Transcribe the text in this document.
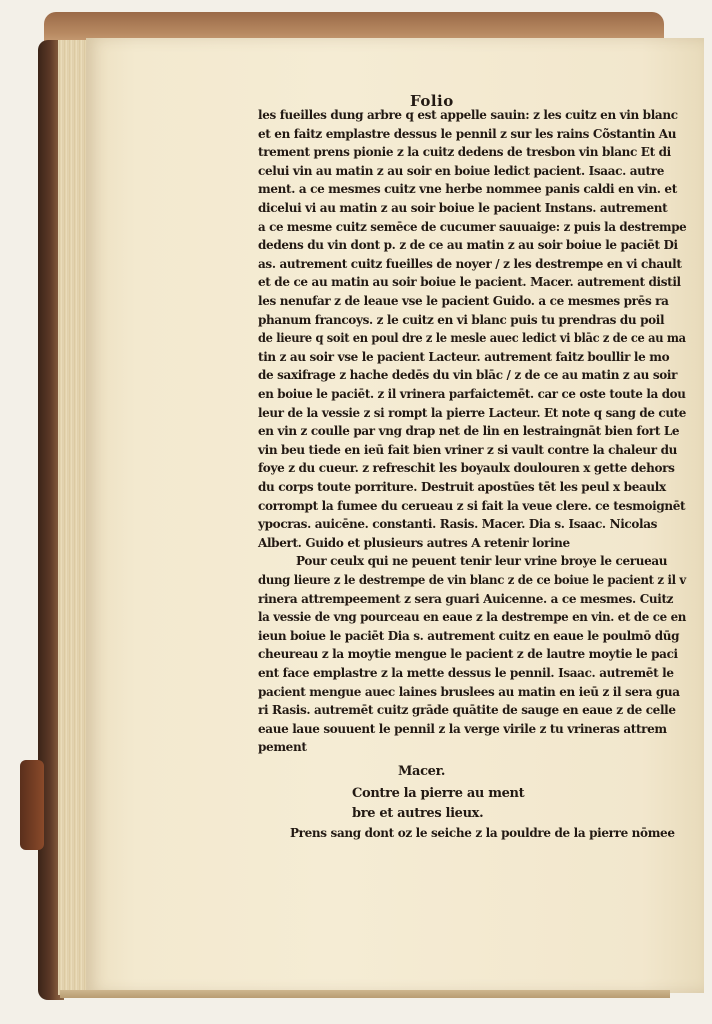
Folio
les fueilles dung arbre q est appelle sauin: z les cuitz en vin blanc
et en faitz emplastre dessus le pennil z sur les rains Cõstantin Au
trement prens pionie z la cuitz dedens de tresbon vin blanc Et di
celui vin au matin z au soir en boiue ledict pacient. Isaac. autre
ment. a ce mesmes cuitz vne herbe nommee panis caldi en vin. et
dicelui vi au matin z au soir boiue le pacient Instans. autrement
a ce mesme cuitz semēce de cucumer sauuaige: z puis la destrempe
dedens du vin dont p. z de ce au matin z au soir boiue le paciēt Di
as. autrement cuitz fueilles de noyer / z les destrempe en vi chault
et de ce au matin au soir boiue le pacient. Macer. autrement distil
les nenufar z de leaue vse le pacient Guido. a ce mesmes prēs ra
phanum francoys. z le cuitz en vi blanc puis tu prendras du poil
de lieure q soit en poul dre z le mesle auec ledict vi blāc z de ce au ma
tin z au soir vse le pacient Lacteur. autrement faitz boullir le mo
de saxifrage z hache dedēs du vin blāc / z de ce au matin z au soir
en boiue le paciēt. z il vrinera parfaictemēt. car ce oste toute la dou
leur de la vessie z si rompt la pierre Lacteur. Et note q sang de cute
en vin z coulle par vng drap net de lin en lestraingnāt bien fort Le
vin beu tiede en ieū fait bien vriner z si vault contre la chaleur du
foye z du cueur. z refreschit les boyaulx doulouren x gette dehors
du corps toute porriture. Destruit apostūes tēt les peul x beaulx
corrompt la fumee du cerueau z si fait la veue clere. ce tesmoignēt
ypocras. auicēne. constanti. Rasis. Macer. Dia s. Isaac. Nicolas
Albert. Guido et plusieurs autres A retenir lorine
Pour ceulx qui ne peuent tenir leur vrine broye le cerueau
dung lieure z le destrempe de vin blanc z de ce boiue le pacient z il v
rinera attrempeement z sera guari Auicenne. a ce mesmes. Cuitz
la vessie de vng pourceau en eaue z la destrempe en vin. et de ce en
ieun boiue le paciēt Dia s. autrement cuitz en eaue le poulmō dūg
cheureau z la moytie mengue le pacient z de lautre moytie le paci
ent face emplastre z la mette dessus le pennil. Isaac. autremēt le
pacient mengue auec laines bruslees au matin en ieū z il sera gua
ri Rasis. autremēt cuitz grāde quātite de sauge en eaue z de celle
eaue laue souuent le pennil z la verge virile z tu vrineras attrem
pement
Macer.
Contre la pierre au ment
bre et autres lieux.
Prens sang dont oz le seiche z la pouldre de la pierre nōmee
